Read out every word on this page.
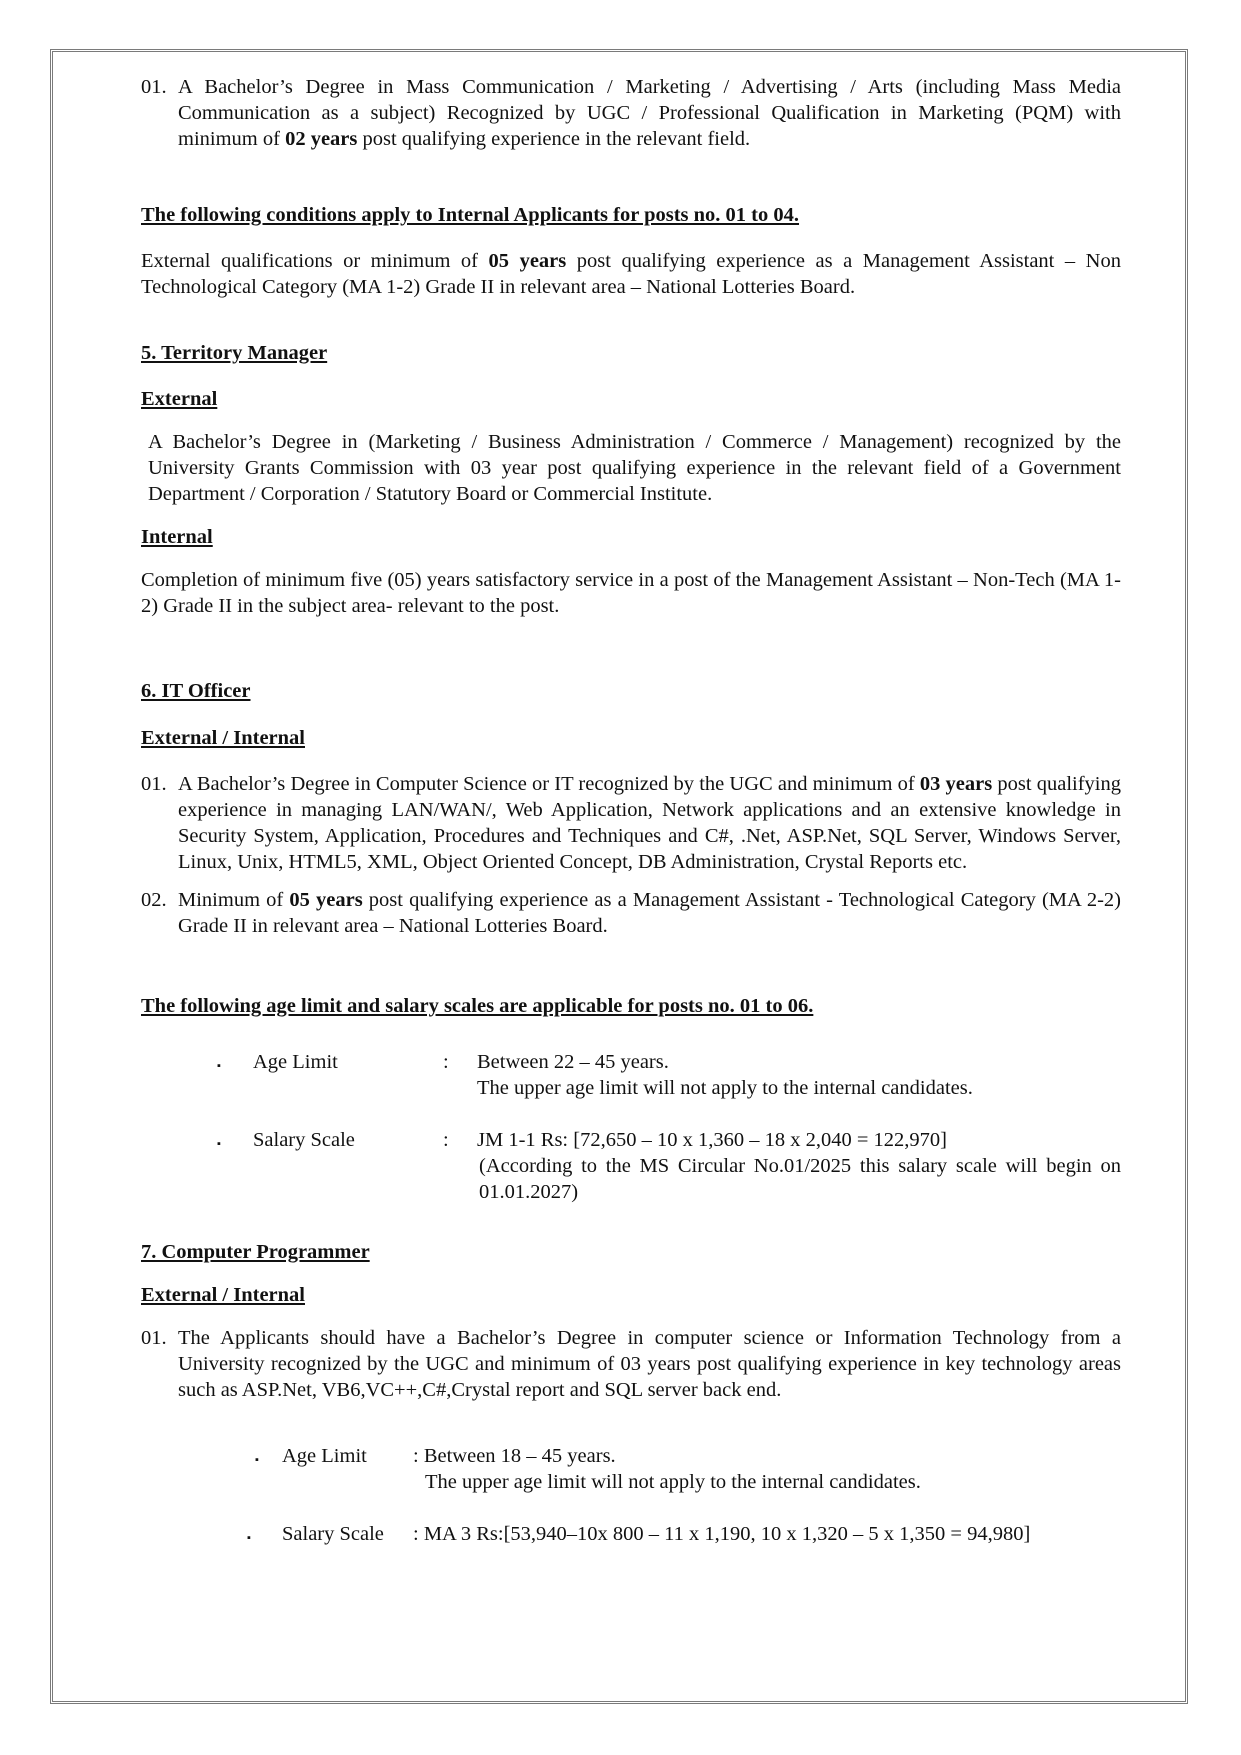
01. A Bachelor’s Degree in Mass Communication / Marketing / Advertising / Arts (including Mass Media Communication as a subject) Recognized by UGC / Professional Qualification in Marketing (PQM) with minimum of 02 years post qualifying experience in the relevant field.
The following conditions apply to Internal Applicants for posts no. 01 to 04.
External qualifications or minimum of 05 years post qualifying experience as a Management Assistant – Non Technological Category (MA 1-2) Grade II in relevant area – National Lotteries Board.
5. Territory Manager
External
A Bachelor’s Degree in (Marketing / Business Administration / Commerce / Management) recognized by the University Grants Commission with 03 year post qualifying experience in the relevant field of a Government Department / Corporation / Statutory Board or Commercial Institute.
Internal
Completion of minimum five (05) years satisfactory service in a post of the Management Assistant – Non-Tech (MA 1-2) Grade II in the subject area- relevant to the post.
6. IT Officer
External / Internal
01. A Bachelor’s Degree in Computer Science or IT recognized by the UGC and minimum of 03 years post qualifying experience in managing LAN/WAN/, Web Application, Network applications and an extensive knowledge in Security System, Application, Procedures and Techniques and C#, .Net, ASP.Net, SQL Server, Windows Server, Linux, Unix, HTML5, XML, Object Oriented Concept, DB Administration, Crystal Reports etc.
02. Minimum of 05 years post qualifying experience as a Management Assistant - Technological Category (MA 2-2) Grade II in relevant area – National Lotteries Board.
The following age limit and salary scales are applicable for posts no. 01 to 06.
▪ Age Limit	: Between 22 – 45 years.
The upper age limit will not apply to the internal candidates.
▪ Salary Scale	: JM 1-1 Rs: [72,650 – 10 x 1,360 – 18 x 2,040 = 122,970]
(According to the MS Circular No.01/2025 this salary scale will begin on 01.01.2027)
7. Computer Programmer
External / Internal
01. The Applicants should have a Bachelor’s Degree in computer science or Information Technology from a University recognized by the UGC and minimum of 03 years post qualifying experience in key technology areas such as ASP.Net, VB6,VC++,C#,Crystal report and SQL server back end.
▪ Age Limit : Between 18 – 45 years.
The upper age limit will not apply to the internal candidates.
▪ Salary Scale : MA 3 Rs:[53,940–10x 800 – 11 x 1,190, 10 x 1,320 – 5 x 1,350 = 94,980]
